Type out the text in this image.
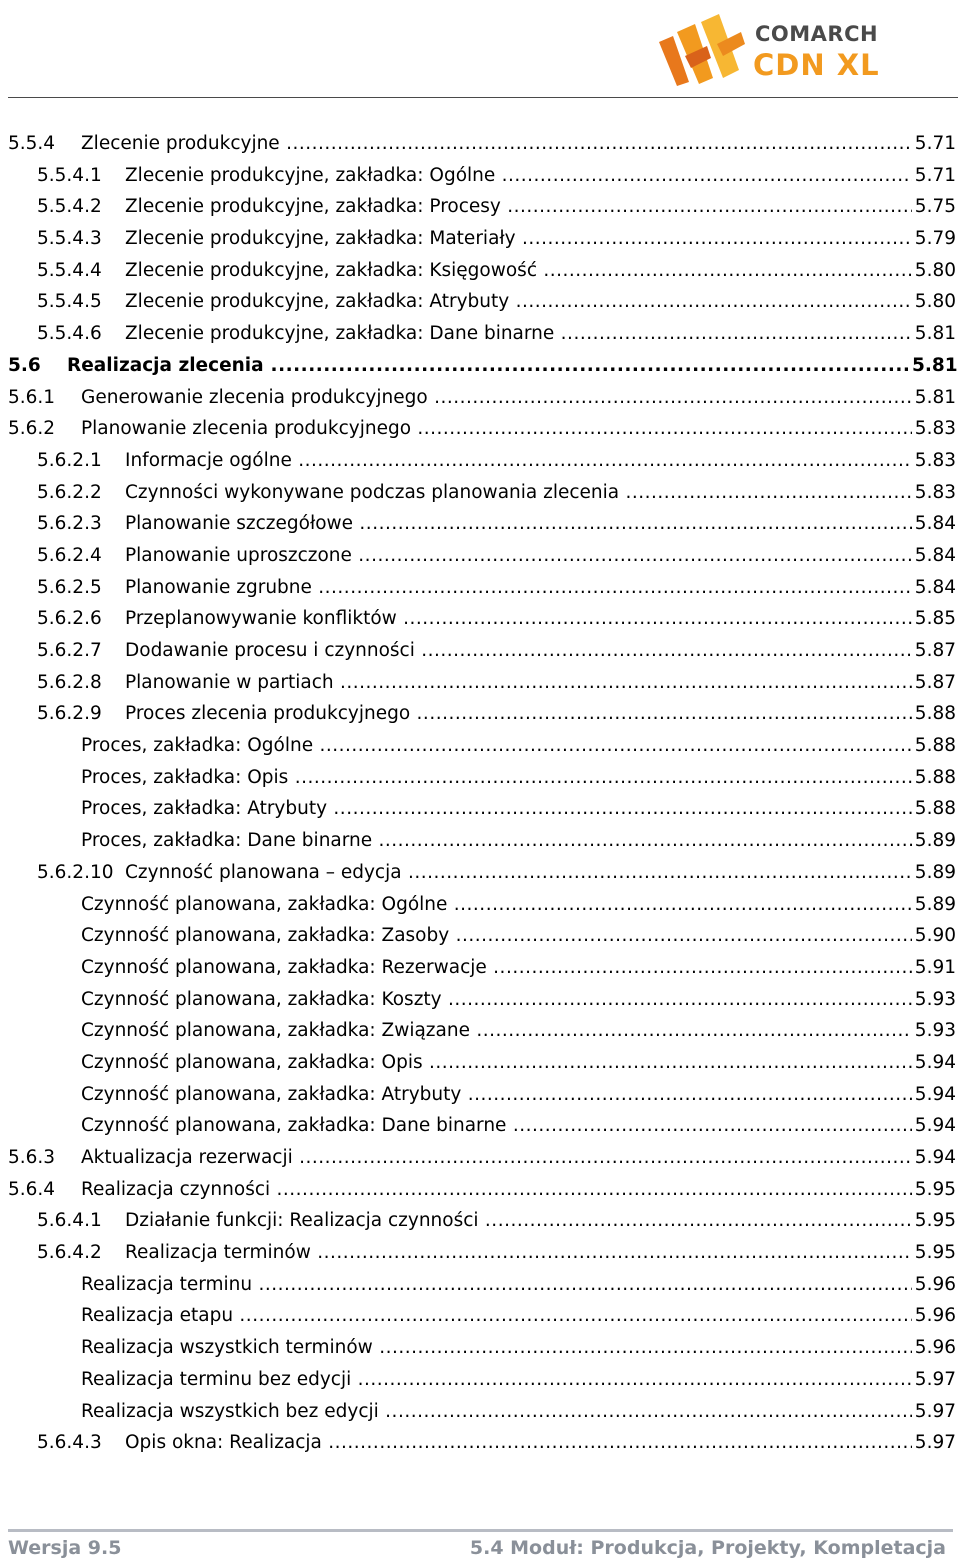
COMARCH
CDN XL
5.5.4 Zlecenie produkcyjne .....	5.71
5.5.4.1 Zlecenie produkcyjne, zakładka: Ogólne .....	5.71
5.5.4.2 Zlecenie produkcyjne, zakładka: Procesy .....	5.75
5.5.4.3 Zlecenie produkcyjne, zakładka: Materiały .....	5.79
5.5.4.4 Zlecenie produkcyjne, zakładka: Księgowość .....	5.80
5.5.4.5 Zlecenie produkcyjne, zakładka: Atrybuty .....	5.80
5.5.4.6 Zlecenie produkcyjne, zakładka: Dane binarne .....	5.81
5.6 Realizacja zlecenia .....	5.81
5.6.1 Generowanie zlecenia produkcyjnego .....	5.81
5.6.2 Planowanie zlecenia produkcyjnego .....	5.83
5.6.2.1 Informacje ogólne .....	5.83
5.6.2.2 Czynności wykonywane podczas planowania zlecenia .....	5.83
5.6.2.3 Planowanie szczegółowe .....	5.84
5.6.2.4 Planowanie uproszczone .....	5.84
5.6.2.5 Planowanie zgrubne .....	5.84
5.6.2.6 Przeplanowywanie konfliktów .....	5.85
5.6.2.7 Dodawanie procesu i czynności .....	5.87
5.6.2.8 Planowanie w partiach .....	5.87
5.6.2.9 Proces zlecenia produkcyjnego .....	5.88
Proces, zakładka: Ogólne .....	5.88
Proces, zakładka: Opis .....	5.88
Proces, zakładka: Atrybuty .....	5.88
Proces, zakładka: Dane binarne .....	5.89
5.6.2.10 Czynność planowana – edycja .....	5.89
Czynność planowana, zakładka: Ogólne .....	5.89
Czynność planowana, zakładka: Zasoby .....	5.90
Czynność planowana, zakładka: Rezerwacje .....	5.91
Czynność planowana, zakładka: Koszty .....	5.93
Czynność planowana, zakładka: Związane .....	5.93
Czynność planowana, zakładka: Opis .....	5.94
Czynność planowana, zakładka: Atrybuty .....	5.94
Czynność planowana, zakładka: Dane binarne .....	5.94
5.6.3 Aktualizacja rezerwacji .....	5.94
5.6.4 Realizacja czynności .....	5.95
5.6.4.1 Działanie funkcji: Realizacja czynności .....	5.95
5.6.4.2 Realizacja terminów .....	5.95
Realizacja terminu .....	5.96
Realizacja etapu .....	5.96
Realizacja wszystkich terminów .....	5.96
Realizacja terminu bez edycji .....	5.97
Realizacja wszystkich bez edycji .....	5.97
5.6.4.3 Opis okna: Realizacja .....	5.97
Wersja 9.5	5.4 Moduł: Produkcja, Projekty, Kompletacja
